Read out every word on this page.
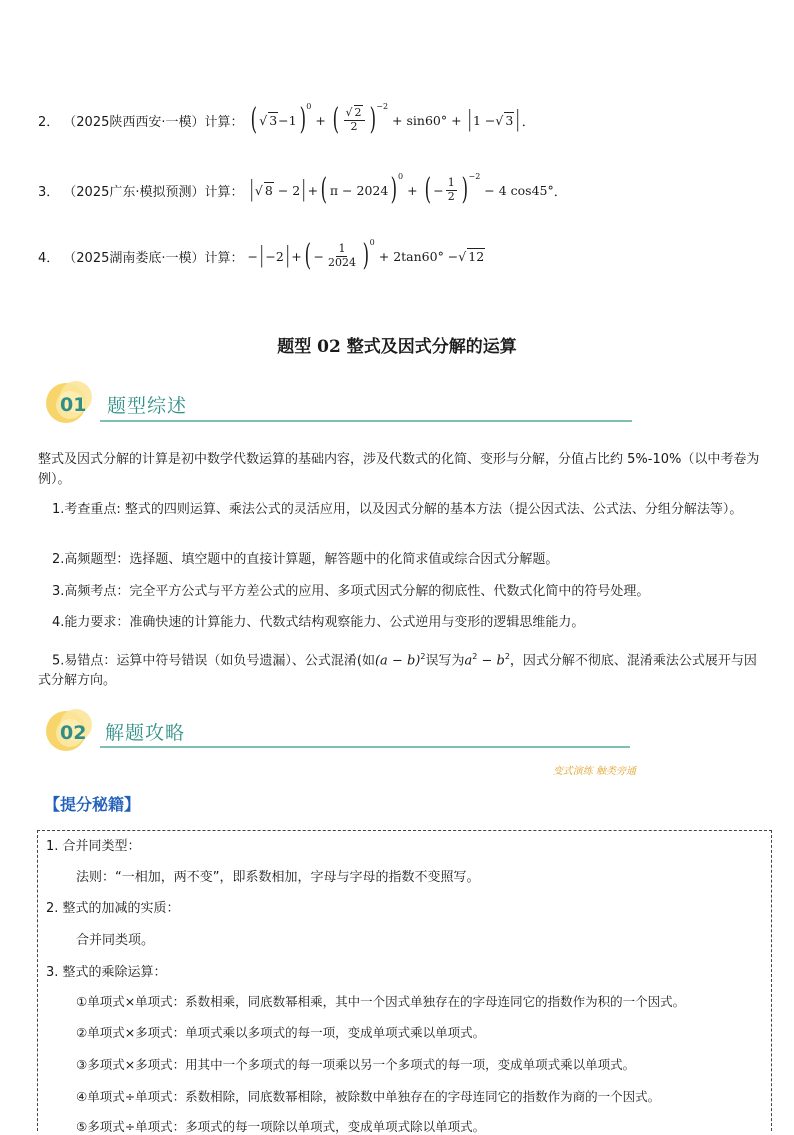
2． （2025陕西西安·一模）计算： ( √ 3 −1 ) 0
+ ( $\frac{√ 2}{2}$ ) −2

+ sin60° +
| 1 − √ 3 | ．
3． （2025广东·模拟预测）计算： | √ 8
− 2 | + ( π − 2024 ) 0

+
( − $\frac{1}{2}$ ) −2

− 4 cos45° ．
4． （2025湖南娄底·一模）计算： − | −2 | + ( − $\frac{1}{2024}$ ) 0

+ 2tan60° − √ 12
题型 02 整式及因式分解的运算
01 题型综述
整式及因式分解的计算是初中数学代数运算的基础内容，涉及代数式的化简、变形与分解，分值占比约 5%-10%（以中考卷为例）。
1.考查重点: 整式的四则运算、乘法公式的灵活应用，以及因式分解的基本方法（提公因式法、公式法、分组分解法等）。
2.高频题型：选择题、填空题中的直接计算题，解答题中的化简求值或综合因式分解题。
3.高频考点：完全平方公式与平方差公式的应用、多项式因式分解的彻底性、代数式化简中的符号处理。
4.能力要求：准确快速的计算能力、代数式结构观察能力、公式逆用与变形的逻辑思维能力。
5.易错点：运算中符号错误（如负号遗漏）、公式混淆(如$(a - b)^2$误写为$a^2 - b^2$，因式分解不彻底、混淆乘法公式展开与因式分解方向。
02 解题攻略
变式演练 触类旁通
【提分秘籍】
1. 合并同类型：
法则：“一相加，两不变”，即系数相加，字母与字母的指数不变照写。
2. 整式的加减的实质：
合并同类项。
3. 整式的乘除运算：
①单项式×单项式：系数相乘，同底数幂相乘，其中一个因式单独存在的字母连同它的指数作为积的一个因式。
②单项式×多项式：单项式乘以多项式的每一项，变成单项式乘以单项式。
③多项式×多项式：用其中一个多项式的每一项乘以另一个多项式的每一项，变成单项式乘以单项式。
④单项式÷单项式：系数相除，同底数幂相除，被除数中单独存在的字母连同它的指数作为商的一个因式。
⑤多项式÷单项式：多项式的每一项除以单项式，变成单项式除以单项式。
